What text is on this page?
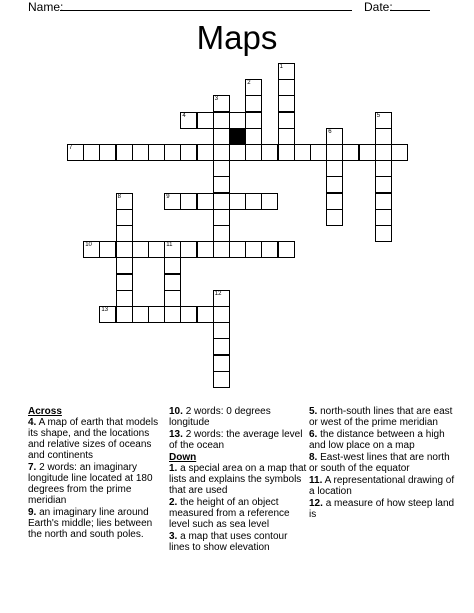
Name:	Date:
Maps
1
2
3
4	5
6
7
8	9
10	11
12
13
Across
4. A map of earth that models its shape, and the locations and relative sizes of oceans and continents
7. 2 words: an imaginary longitude line located at 180 degrees from the prime meridian
9. an imaginary line around Earth's middle; lies between the north and south poles.
10. 2 words: 0 degrees longitude
13. 2 words: the average level of the ocean
Down
1. a special area on a map that lists and explains the symbols that are used
2. the height of an object measured from a reference level such as sea level
3. a map that uses contour lines to show elevation
5. north-south lines that are east or west of the prime meridian
6. the distance between a high and low place on a map
8. East-west lines that are north or south of the equator
11. A representational drawing of a location
12. a measure of how steep land is
